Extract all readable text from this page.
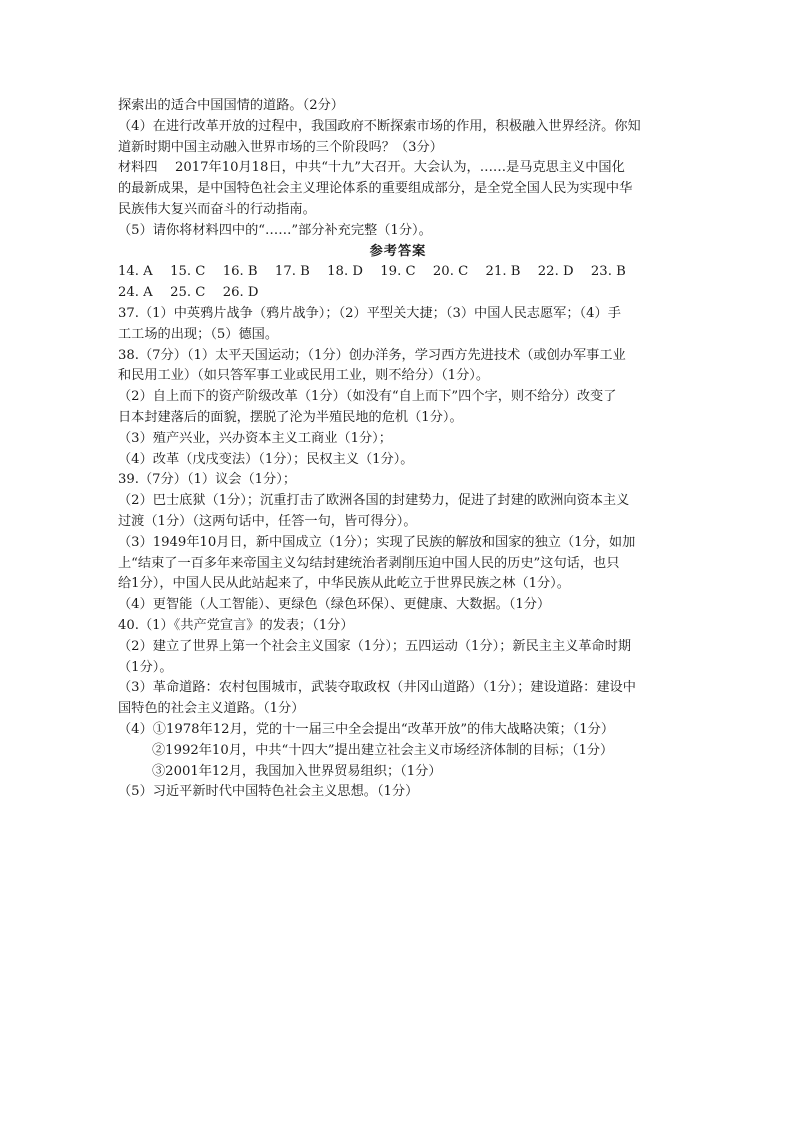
探索出的适合中国国情的道路。（2分）
（4）在进行改革开放的过程中，我国政府不断探索市场的作用，积极融入世界经济。你知
道新时期中国主动融入世界市场的三个阶段吗？（3分）
材料四　 2017年10月18日，中共“十九”大召开。大会认为，……是马克思主义中国化
的最新成果，是中国特色社会主义理论体系的重要组成部分，是全党全国人民为实现中华
民族伟大复兴而奋斗的行动指南。
（5）请你将材料四中的“……”部分补充完整（1分）。
参考答案
14. A　 15. C　 16. B　 17. B　 18. D　 19. C　 20. C　 21. B　 22. D　 23. B
24. A　 25. C　 26. D
37.（1）中英鸦片战争（鸦片战争）；（2）平型关大捷；（3）中国人民志愿军；（4）手
工工场的出现；（5）德国。
38.（7分）（1）太平天国运动；（1分）创办洋务，学习西方先进技术（或创办军事工业
和民用工业）（如只答军事工业或民用工业，则不给分）（1分）。
（2）自上而下的资产阶级改革（1分）（如没有“自上而下”四个字，则不给分）改变了
日本封建落后的面貌，摆脱了沦为半殖民地的危机（1分）。
（3）殖产兴业，兴办资本主义工商业（1分）；
（4）改革（戊戌变法）（1分）；民权主义（1分）。
39.（7分）（1）议会（1分）；
（2）巴士底狱（1分）；沉重打击了欧洲各国的封建势力，促进了封建的欧洲向资本主义
过渡（1分）（这两句话中，任答一句，皆可得分）。
（3）1949年10月日，新中国成立（1分）；实现了民族的解放和国家的独立（1分，如加
上“结束了一百多年来帝国主义勾结封建统治者剥削压迫中国人民的历史”这句话，也只
给1分），中国人民从此站起来了，中华民族从此屹立于世界民族之林（1分）。
（4）更智能（人工智能）、更绿色（绿色环保）、更健康、大数据。（1分）
40.（1）《共产党宣言》的发表；（1分）
（2）建立了世界上第一个社会主义国家（1分）；五四运动（1分）；新民主主义革命时期
（1分）。
（3）革命道路：农村包围城市，武装夺取政权（井冈山道路）（1分）；建设道路：建设中
国特色的社会主义道路。（1分）
（4）①1978年12月，党的十一届三中全会提出“改革开放”的伟大战略决策；（1分）
②1992年10月，中共“十四大”提出建立社会主义市场经济体制的目标；（1分）
③2001年12月，我国加入世界贸易组织；（1分）
（5）习近平新时代中国特色社会主义思想。（1分）
